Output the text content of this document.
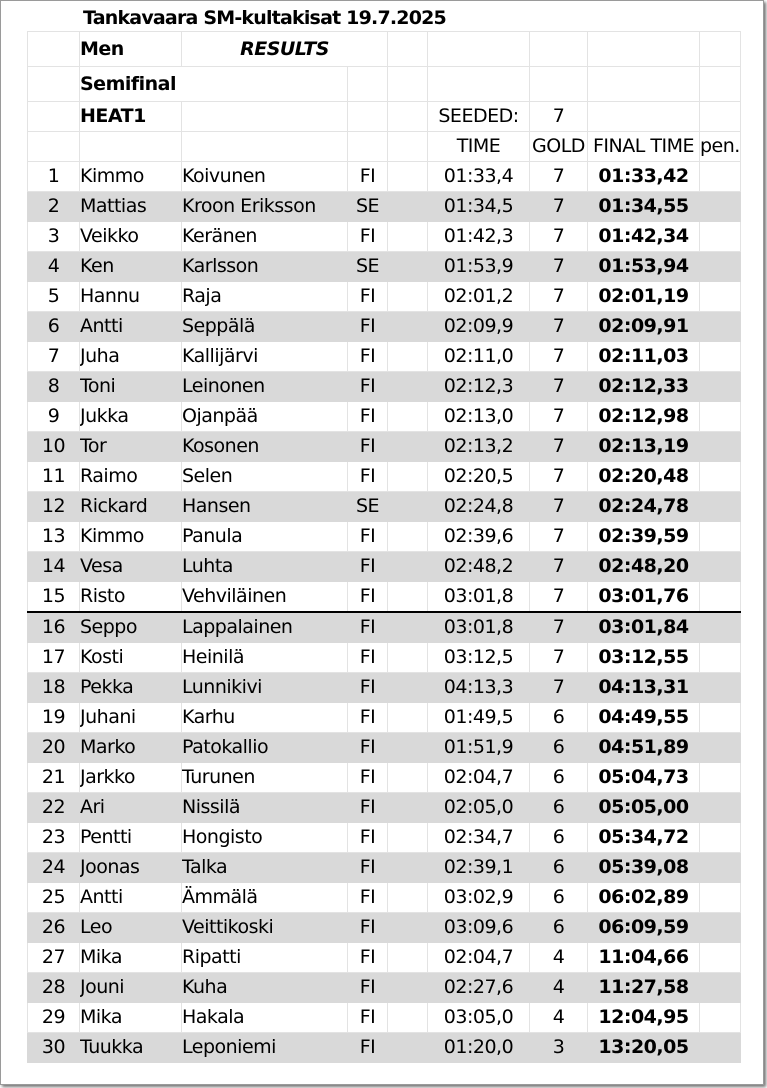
Tankavaara SM-kultakisat 19.7.2025
	Men	RESULTS						
	Semifinal							
	HEAT1				SEEDED:	7		
					TIME	GOLD	FINAL TIME	pen.
1	Kimmo	Koivunen	FI		01:33,4	7	01:33,42	
2	Mattias	Kroon Eriksson	SE		01:34,5	7	01:34,55	
3	Veikko	Keränen	FI		01:42,3	7	01:42,34	
4	Ken	Karlsson	SE		01:53,9	7	01:53,94	
5	Hannu	Raja	FI		02:01,2	7	02:01,19	
6	Antti	Seppälä	FI		02:09,9	7	02:09,91	
7	Juha	Kallijärvi	FI		02:11,0	7	02:11,03	
8	Toni	Leinonen	FI		02:12,3	7	02:12,33	
9	Jukka	Ojanpää	FI		02:13,0	7	02:12,98	
10	Tor	Kosonen	FI		02:13,2	7	02:13,19	
11	Raimo	Selen	FI		02:20,5	7	02:20,48	
12	Rickard	Hansen	SE		02:24,8	7	02:24,78	
13	Kimmo	Panula	FI		02:39,6	7	02:39,59	
14	Vesa	Luhta	FI		02:48,2	7	02:48,20	
15	Risto	Vehviläinen	FI		03:01,8	7	03:01,76	
16	Seppo	Lappalainen	FI		03:01,8	7	03:01,84	
17	Kosti	Heinilä	FI		03:12,5	7	03:12,55	
18	Pekka	Lunnikivi	FI		04:13,3	7	04:13,31	
19	Juhani	Karhu	FI		01:49,5	6	04:49,55	
20	Marko	Patokallio	FI		01:51,9	6	04:51,89	
21	Jarkko	Turunen	FI		02:04,7	6	05:04,73	
22	Ari	Nissilä	FI		02:05,0	6	05:05,00	
23	Pentti	Hongisto	FI		02:34,7	6	05:34,72	
24	Joonas	Talka	FI		02:39,1	6	05:39,08	
25	Antti	Ämmälä	FI		03:02,9	6	06:02,89	
26	Leo	Veittikoski	FI		03:09,6	6	06:09,59	
27	Mika	Ripatti	FI		02:04,7	4	11:04,66	
28	Jouni	Kuha	FI		02:27,6	4	11:27,58	
29	Mika	Hakala	FI		03:05,0	4	12:04,95	
30	Tuukka	Leponiemi	FI		01:20,0	3	13:20,05	
